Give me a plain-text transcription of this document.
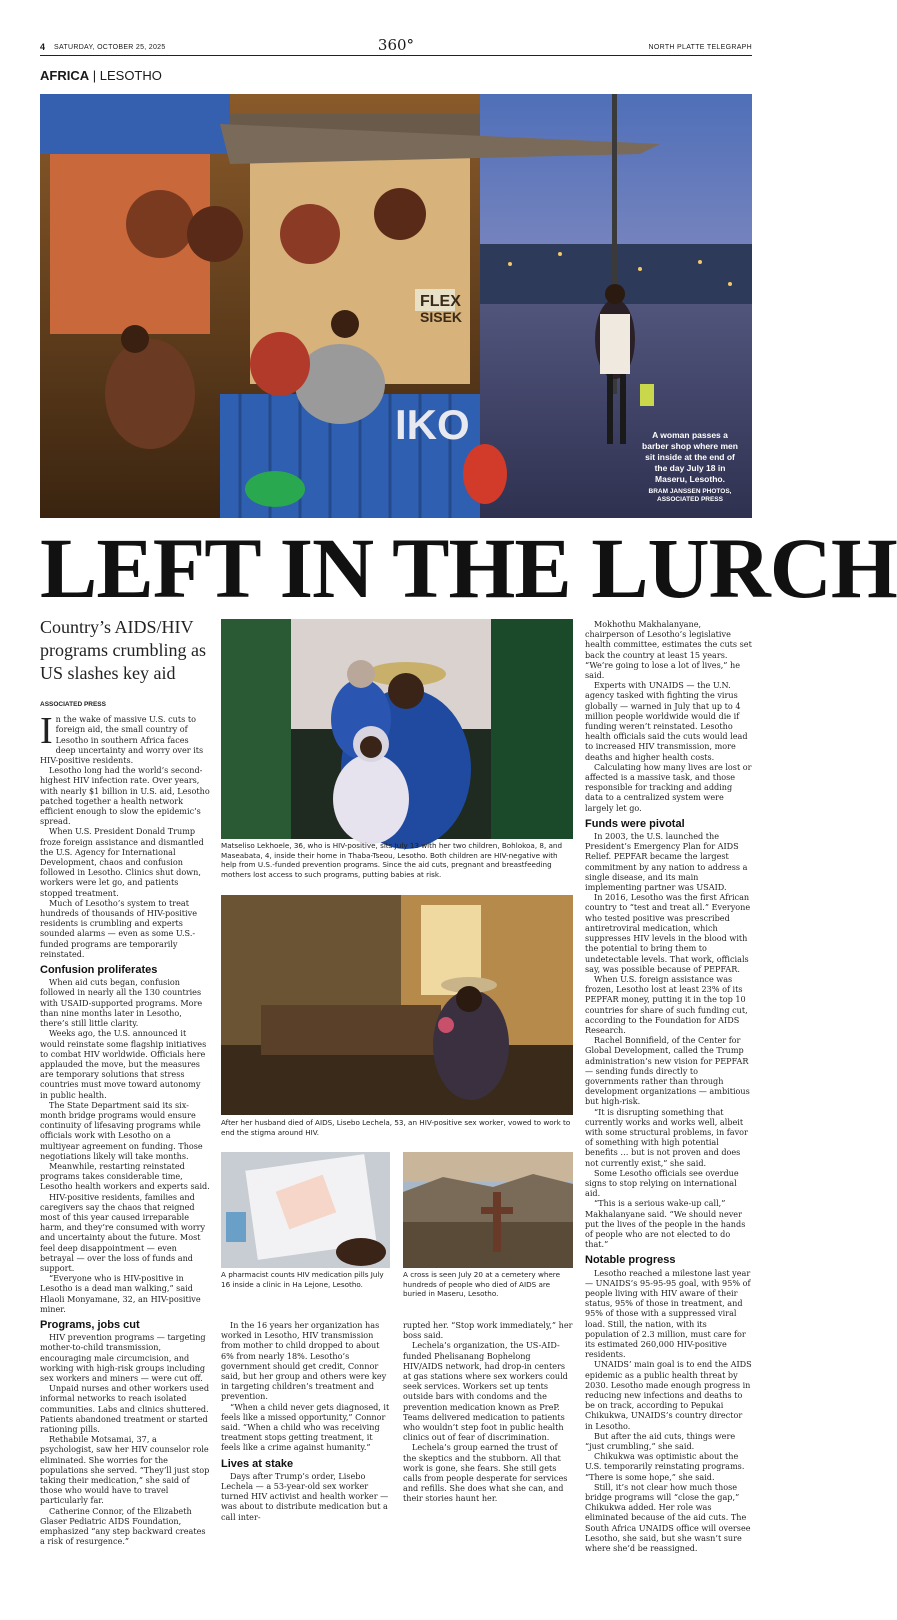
4 SATURDAY, OCTOBER 25, 2025	360°	NORTH PLATTE TELEGRAPH
AFRICA | LESOTHO
FLEX
SISEK
IKO	A woman passes a barber shop where men sit inside at the end of the day July 18 in Maseru, Lesotho.
BRAM JANSSEN PHOTOS, ASSOCIATED PRESS
LEFT IN THE LURCH
Country’s AIDS/HIV programs crumbling as US slashes key aid
ASSOCIATED PRESS

In the wake of massive U.S. cuts to foreign aid, the small country of Lesotho in southern Africa faces deep uncertainty and worry over its HIV-positive residents.

Lesotho long had the world’s second-highest HIV infection rate. Over years, with nearly $1 billion in U.S. aid, Lesotho patched together a health network efficient enough to slow the epidemic’s spread.

When U.S. President Donald Trump froze foreign assistance and dismantled the U.S. Agency for International Development, chaos and confusion followed in Lesotho. Clinics shut down, workers were let go, and patients stopped treatment.

Much of Lesotho’s system to treat hundreds of thousands of HIV-positive residents is crumbling and experts sounded alarms — even as some U.S.-funded programs are temporarily reinstated.

Confusion proliferates

When aid cuts began, confusion followed in nearly all the 130 countries with USAID-supported programs. More than nine months later in Lesotho, there’s still little clarity.

Weeks ago, the U.S. announced it would reinstate some flagship initiatives to combat HIV worldwide. Officials here applauded the move, but the measures are temporary solutions that stress countries must move toward autonomy in public health.

The State Department said its six-month bridge programs would ensure continuity of lifesaving programs while officials work with Lesotho on a multiyear agreement on funding. Those negotiations likely will take months.

Meanwhile, restarting reinstated programs takes considerable time, Lesotho health workers and experts said.

HIV-positive residents, families and caregivers say the chaos that reigned most of this year caused irreparable harm, and they’re consumed with worry and uncertainty about the future. Most feel deep disappointment — even betrayal — over the loss of funds and support.

“Everyone who is HIV-positive in Lesotho is a dead man walking,” said Hlaoli Monyamane, 32, an HIV-positive miner.

Programs, jobs cut

HIV prevention programs — targeting mother-to-child transmission, encouraging male circumcision, and working with high-risk groups including sex workers and miners — were cut off.

Unpaid nurses and other workers used informal networks to reach isolated communities. Labs and clinics shuttered. Patients abandoned treatment or started rationing pills.

Rethabile Motsamai, 37, a psychologist, saw her HIV counselor role eliminated. She worries for the populations she served. “They’ll just stop taking their medication,” she said of those who would have to travel particularly far.

Catherine Connor, of the Elizabeth Glaser Pediatric AIDS Foundation, emphasized “any step backward creates a risk of resurgence.”

Matseliso Lekhoele, 36, who is HIV-positive, sits July 13 with her two children, Bohlokoa, 8, and Maseabata, 4, inside their home in Thaba-Tseou, Lesotho. Both children are HIV-negative with help from U.S.-funded prevention programs. Since the aid cuts, pregnant and breastfeeding mothers lost access to such programs, putting babies at risk.
After her husband died of AIDS, Lisebo Lechela, 53, an HIV-positive sex worker, vowed to work to end the stigma around HIV.
A pharmacist counts HIV medication pills July 16 inside a clinic in Ha Lejone, Lesotho.
A cross is seen July 20 at a cemetery where hundreds of people who died of AIDS are buried in Maseru, Lesotho.

In the 16 years her organization has worked in Lesotho, HIV transmission from mother to child dropped to about 6% from nearly 18%. Lesotho’s government should get credit, Connor said, but her group and others were key in targeting children’s treatment and prevention.

“When a child never gets diagnosed, it feels like a missed opportunity,” Connor said. “When a child who was receiving treatment stops getting treatment, it feels like a crime against humanity.”

Lives at stake

Days after Trump’s order, Lisebo Lechela — a 53-year-old sex worker turned HIV activist and health worker — was about to distribute medication but a call inter-

rupted her. “Stop work immediately,” her boss said.

Lechela’s organization, the US-AID-funded Phelisanang Bophelong HIV/AIDS network, had drop-in centers at gas stations where sex workers could seek services. Workers set up tents outside bars with condoms and the prevention medication known as PreP. Teams delivered medication to patients who wouldn’t step foot in public health clinics out of fear of discrimination.

Lechela’s group earned the trust of the skeptics and the stubborn. All that work is gone, she fears. She still gets calls from people desperate for services and refills. She does what she can, and their stories haunt her.

Mokhothu Makhalanyane, chairperson of Lesotho’s legislative health committee, estimates the cuts set back the country at least 15 years. “We’re going to lose a lot of lives,” he said.

Experts with UNAIDS — the U.N. agency tasked with fighting the virus globally — warned in July that up to 4 million people worldwide would die if funding weren’t reinstated. Lesotho health officials said the cuts would lead to increased HIV transmission, more deaths and higher health costs.

Calculating how many lives are lost or affected is a massive task, and those responsible for tracking and adding data to a centralized system were largely let go.

Funds were pivotal

In 2003, the U.S. launched the President’s Emergency Plan for AIDS Relief. PEPFAR became the largest commitment by any nation to address a single disease, and its main implementing partner was USAID.

In 2016, Lesotho was the first African country to “test and treat all.” Everyone who tested positive was prescribed antiretroviral medication, which suppresses HIV levels in the blood with the potential to bring them to undetectable levels. That work, officials say, was possible because of PEPFAR.

When U.S. foreign assistance was frozen, Lesotho lost at least 23% of its PEPFAR money, putting it in the top 10 countries for share of such funding cut, according to the Foundation for AIDS Research.

Rachel Bonnifield, of the Center for Global Development, called the Trump administration’s new vision for PEPFAR — sending funds directly to governments rather than through development organizations — ambitious but high-risk.

“It is disrupting something that currently works and works well, albeit with some structural problems, in favor of something with high potential benefits … but is not proven and does not currently exist,” she said.

Some Lesotho officials see overdue signs to stop relying on international aid.

“This is a serious wake-up call,” Makhalanyane said. “We should never put the lives of the people in the hands of people who are not elected to do that.”

Notable progress

Lesotho reached a milestone last year — UNAIDS’s 95-95-95 goal, with 95% of people living with HIV aware of their status, 95% of those in treatment, and 95% of those with a suppressed viral load. Still, the nation, with its population of 2.3 million, must care for its estimated 260,000 HIV-positive residents.

UNAIDS’ main goal is to end the AIDS epidemic as a public health threat by 2030. Lesotho made enough progress in reducing new infections and deaths to be on track, according to Pepukai Chikukwa, UNAIDS’s country director in Lesotho.

But after the aid cuts, things were “just crumbling,” she said.

Chikukwa was optimistic about the U.S. temporarily reinstating programs. “There is some hope,” she said.

Still, it’s not clear how much those bridge programs will “close the gap,” Chikukwa added. Her role was eliminated because of the aid cuts. The South Africa UNAIDS office will oversee Lesotho, she said, but she wasn’t sure where she’d be reassigned.
